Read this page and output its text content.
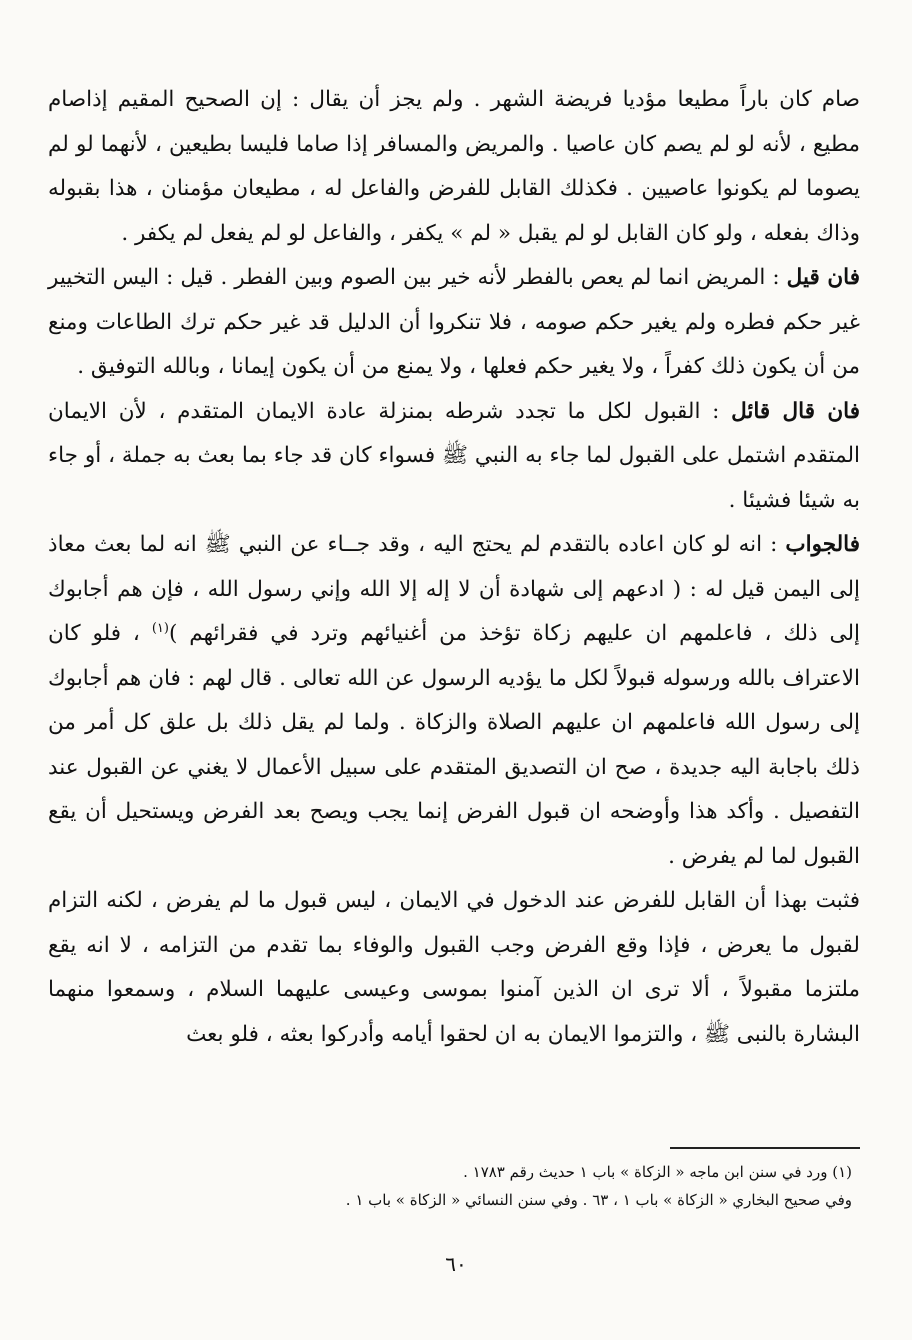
صام كان باراً مطيعا مؤديا فريضة الشهر . ولم يجز أن يقال : إن الصحيح المقيم إذاصام مطيع ، لأنه لو لم يصم كان عاصيا . والمريض والمسافر إذا صاما فليسا بطيعين ، لأنهما لو لم يصوما لم يكونوا عاصيين . فكذلك القابل للفرض والفاعل له ، مطيعان مؤمنان ، هذا بقبوله وذاك بفعله ، ولو كان القابل لو لم يقبل « لم » يكفر ، والفاعل لو لم يفعل لم يكفر .

فان قيل : المريض انما لم يعص بالفطر لأنه خير بين الصوم وبين الفطر . قيل : اليس التخيير غير حكم فطره ولم يغير حكم صومه ، فلا تنكروا أن الدليل قد غير حكم ترك الطاعات ومنع من أن يكون ذلك كفراً ، ولا يغير حكم فعلها ، ولا يمنع من أن يكون إيمانا ، وبالله التوفيق .

فان قال قائل : القبول لكل ما تجدد شرطه بمنزلة عادة الايمان المتقدم ، لأن الايمان المتقدم اشتمل على القبول لما جاء به النبي ﷺ فسواء كان قد جاء بما بعث به جملة ، أو جاء به شيئا فشيئا .

فالجواب : انه لو كان اعاده بالتقدم لم يحتج اليه ، وقد جــاء عن النبي ﷺ انه لما بعث معاذ إلى اليمن قيل له : ( ادعهم إلى شهادة أن لا إله إلا الله وإني رسول الله ، فإن هم أجابوك إلى ذلك ، فاعلمهم ان عليهم زكاة تؤخذ من أغنيائهم وترد في فقرائهم )$^{(١)}$ ، فلو كان الاعتراف بالله ورسوله قبولاً لكل ما يؤديه الرسول عن الله تعالى . قال لهم : فان هم أجابوك إلى رسول الله فاعلمهم ان عليهم الصلاة والزكاة . ولما لم يقل ذلك بل علق كل أمر من ذلك باجابة اليه جديدة ، صح ان التصديق المتقدم على سبيل الأعمال لا يغني عن القبول عند التفصيل . وأكد هذا وأوضحه ان قبول الفرض إنما يجب ويصح بعد الفرض ويستحيل أن يقع القبول لما لم يفرض .

فثبت بهذا أن القابل للفرض عند الدخول في الايمان ، ليس قبول ما لم يفرض ، لكنه التزام لقبول ما يعرض ، فإذا وقع الفرض وجب القبول والوفاء بما تقدم من التزامه ، لا انه يقع ملتزما مقبولاً ، ألا ترى ان الذين آمنوا بموسى وعيسى عليهما السلام ، وسمعوا منهما البشارة بالنبى ﷺ ، والتزموا الايمان به ان لحقوا أيامه وأدركوا بعثه ، فلو بعث

(١) ورد في سنن ابن ماجه « الزكاة » باب ١ حديث رقم ١٧٨٣ .

وفي صحيح البخاري « الزكاة » باب ١ ، ٦٣ . وفي سنن النسائي « الزكاة » باب ١ .

٦٠
